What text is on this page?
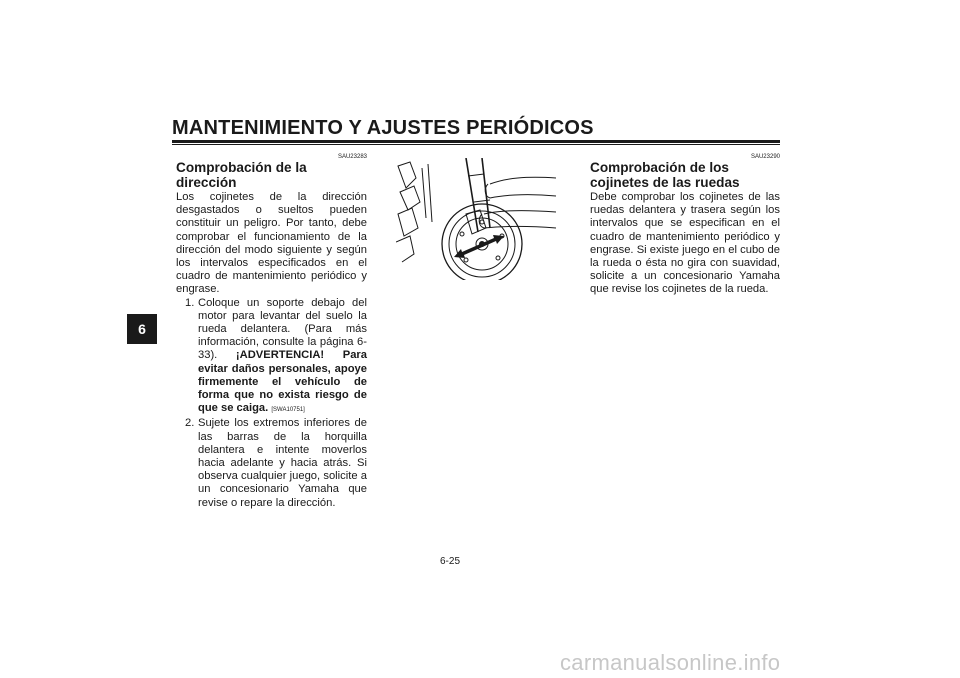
MANTENIMIENTO Y AJUSTES PERIÓDICOS
6
SAU23283
Comprobación de la dirección

Los cojinetes de la dirección desgastados o sueltos pueden constituir un peligro. Por tanto, debe comprobar el funcionamiento de la dirección del modo siguiente y según los intervalos especificados en el cuadro de mantenimiento periódico y engrase.

1. Coloque un soporte debajo del motor para levantar del suelo la rueda delantera. (Para más información, consulte la página 6-33). ¡ADVERTENCIA! Para evitar daños personales, apoye firmemente el vehículo de forma que no exista riesgo de que se caiga. [SWA10751]
2. Sujete los extremos inferiores de las barras de la horquilla delantera e intente moverlos hacia adelante y hacia atrás. Si observa cualquier juego, solicite a un concesionario Yamaha que revise o repare la dirección.
SAU23290
Comprobación de los cojinetes de las ruedas

Debe comprobar los cojinetes de las ruedas delantera y trasera según los intervalos que se especifican en el cuadro de mantenimiento periódico y engrase. Si existe juego en el cubo de la rueda o ésta no gira con suavidad, solicite a un concesionario Yamaha que revise los cojinetes de la rueda.

6-25
carmanualsonline.info
